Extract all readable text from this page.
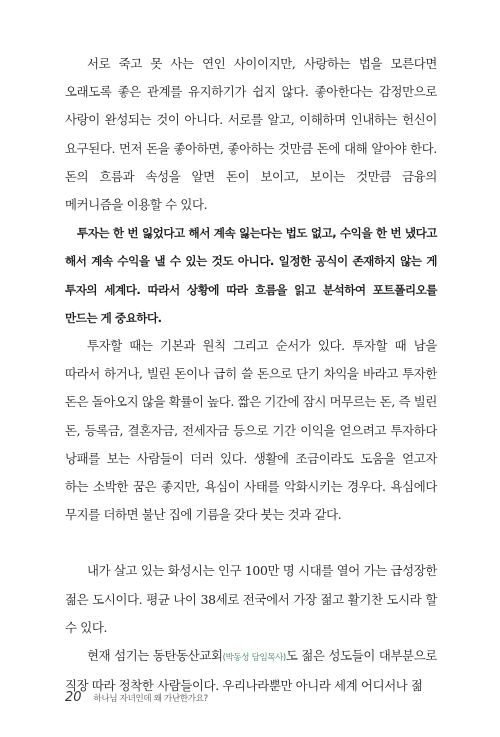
서로 죽고 못 사는 연인 사이이지만, 사랑하는 법을 모른다면 오래도록 좋은 관계를 유지하기가 쉽지 않다. 좋아한다는 감정만으로 사랑이 완성되는 것이 아니다. 서로를 알고, 이해하며 인내하는 헌신이 요구된다. 먼저 돈을 좋아하면, 좋아하는 것만큼 돈에 대해 알아야 한다. 돈의 흐름과 속성을 알면 돈이 보이고, 보이는 것만큼 금융의 메커니즘을 이용할 수 있다.

투자는 한 번 잃었다고 해서 계속 잃는다는 법도 없고, 수익을 한 번 냈다고 해서 계속 수익을 낼 수 있는 것도 아니다. 일정한 공식이 존재하지 않는 게 투자의 세계다. 따라서 상황에 따라 흐름을 읽고 분석하여 포트폴리오를 만드는 게 중요하다.

투자할 때는 기본과 원칙 그리고 순서가 있다. 투자할 때 남을 따라서 하거나, 빌린 돈이나 급히 쓸 돈으로 단기 차익을 바라고 투자한 돈은 돌아오지 않을 확률이 높다. 짧은 기간에 잠시 머무르는 돈, 즉 빌린 돈, 등록금, 결혼자금, 전세자금 등으로 기간 이익을 얻으려고 투자하다 낭패를 보는 사람들이 더러 있다. 생활에 조금이라도 도움을 얻고자 하는 소박한 꿈은 좋지만, 욕심이 사태를 악화시키는 경우다. 욕심에다 무지를 더하면 불난 집에 기름을 갖다 붓는 것과 같다.

내가 살고 있는 화성시는 인구 100만 명 시대를 열어 가는 급성장한 젊은 도시이다. 평균 나이 38세로 전국에서 가장 젊고 활기찬 도시라 할 수 있다.

현재 섬기는 동탄동산교회(박동성 담임목사)도 젊은 성도들이 대부분으로 직장 따라 정착한 사람들이다. 우리나라뿐만 아니라 세계 어디서나 젊

20 하나님 자녀인데 왜 가난한가요?
